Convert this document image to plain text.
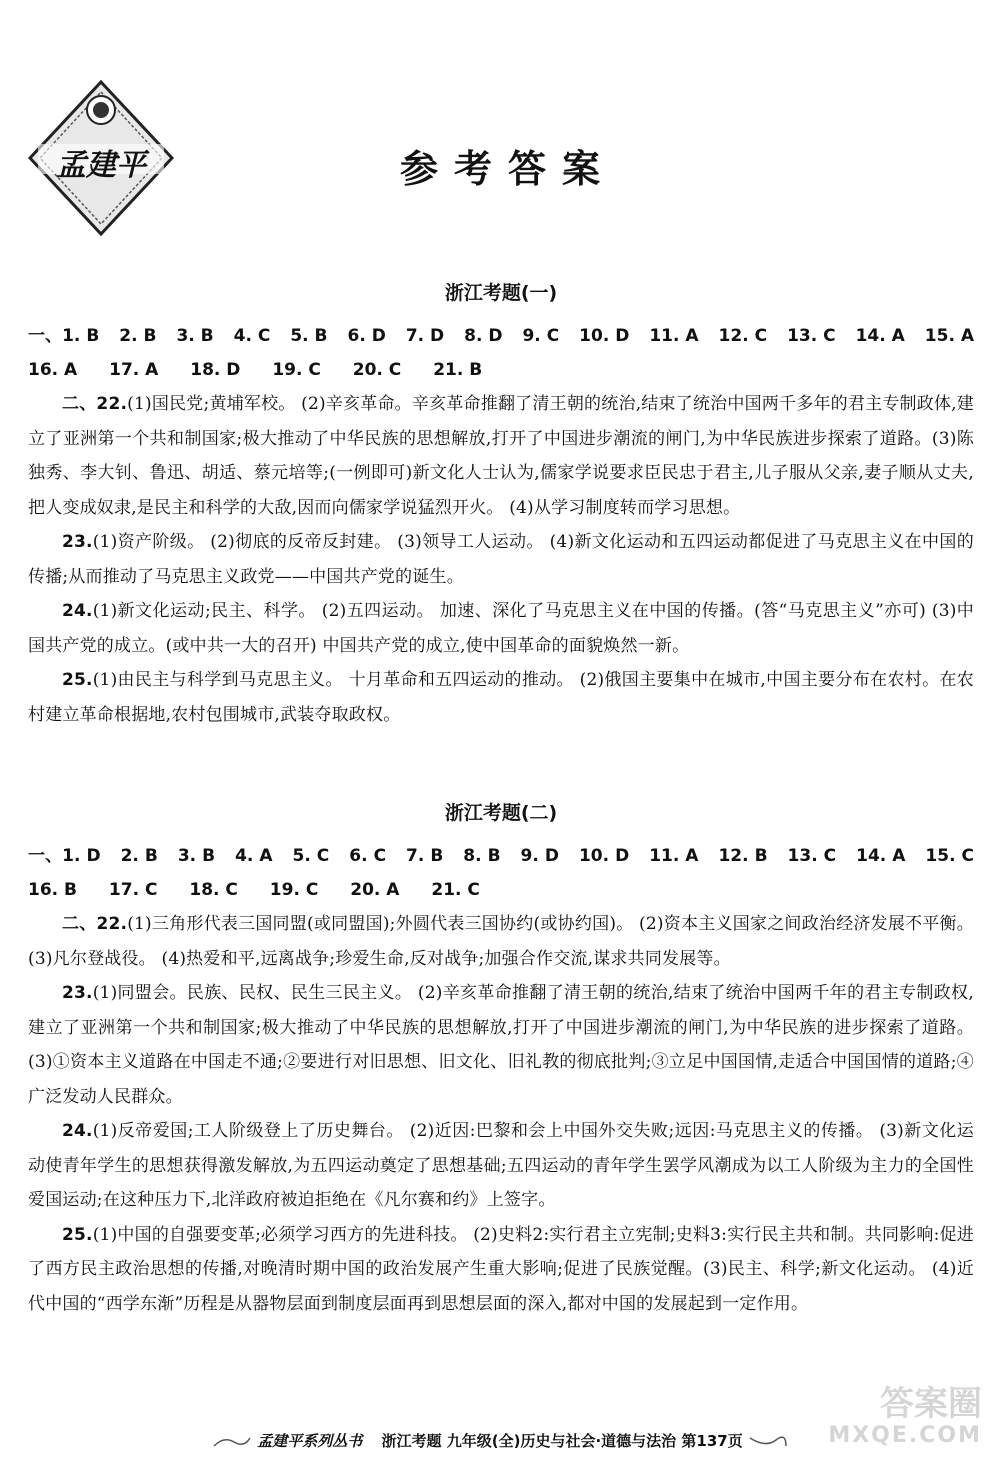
孟建平	参考答案
浙江考题(一)
一、1. B 2. B 3. B 4. C 5. B 6. D 7. D 8. D 9. C 10. D 11. A 12. C 13. C 14. A 15. A
16. A 17. A 18. D 19. C 20. C 21. B
二、22.(1)国民党;黄埔军校。 (2)辛亥革命。辛亥革命推翻了清王朝的统治,结束了统治中国两千多年的君主专制政体,建立了亚洲第一个共和制国家;极大推动了中华民族的思想解放,打开了中国进步潮流的闸门,为中华民族进步探索了道路。(3)陈独秀、李大钊、鲁迅、胡适、蔡元培等;(一例即可)新文化人士认为,儒家学说要求臣民忠于君主,儿子服从父亲,妻子顺从丈夫,把人变成奴隶,是民主和科学的大敌,因而向儒家学说猛烈开火。 (4)从学习制度转而学习思想。
23.(1)资产阶级。 (2)彻底的反帝反封建。 (3)领导工人运动。 (4)新文化运动和五四运动都促进了马克思主义在中国的传播;从而推动了马克思主义政党——中国共产党的诞生。
24.(1)新文化运动;民主、科学。 (2)五四运动。 加速、深化了马克思主义在中国的传播。(答“马克思主义”亦可) (3)中国共产党的成立。(或中共一大的召开) 中国共产党的成立,使中国革命的面貌焕然一新。
25.(1)由民主与科学到马克思主义。 十月革命和五四运动的推动。 (2)俄国主要集中在城市,中国主要分布在农村。在农村建立革命根据地,农村包围城市,武装夺取政权。
浙江考题(二)
一、1. D 2. B 3. B 4. A 5. C 6. C 7. B 8. B 9. D 10. D 11. A 12. B 13. C 14. A 15. C
16. B 17. C 18. C 19. C 20. A 21. C
二、22.(1)三角形代表三国同盟(或同盟国);外圆代表三国协约(或协约国)。 (2)资本主义国家之间政治经济发展不平衡。 (3)凡尔登战役。 (4)热爱和平,远离战争;珍爱生命,反对战争;加强合作交流,谋求共同发展等。
23.(1)同盟会。民族、民权、民生三民主义。 (2)辛亥革命推翻了清王朝的统治,结束了统治中国两千年的君主专制政权,建立了亚洲第一个共和制国家;极大推动了中华民族的思想解放,打开了中国进步潮流的闸门,为中华民族的进步探索了道路。(3)①资本主义道路在中国走不通;②要进行对旧思想、旧文化、旧礼教的彻底批判;③立足中国国情,走适合中国国情的道路;④广泛发动人民群众。
24.(1)反帝爱国;工人阶级登上了历史舞台。 (2)近因:巴黎和会上中国外交失败;远因:马克思主义的传播。 (3)新文化运动使青年学生的思想获得激发解放,为五四运动奠定了思想基础;五四运动的青年学生罢学风潮成为以工人阶级为主力的全国性爱国运动;在这种压力下,北洋政府被迫拒绝在《凡尔赛和约》上签字。
25.(1)中国的自强要变革;必须学习西方的先进科技。 (2)史料2:实行君主立宪制;史料3:实行民主共和制。共同影响:促进了西方民主政治思想的传播,对晚清时期中国的政治发展产生重大影响;促进了民族觉醒。(3)民主、科学;新文化运动。 (4)近代中国的“西学东渐”历程是从器物层面到制度层面再到思想层面的深入,都对中国的发展起到一定作用。
孟建平系列丛书 浙江考题 九年级(全)历史与社会·道德与法治 第137页
答案圈
MXQE.COM
